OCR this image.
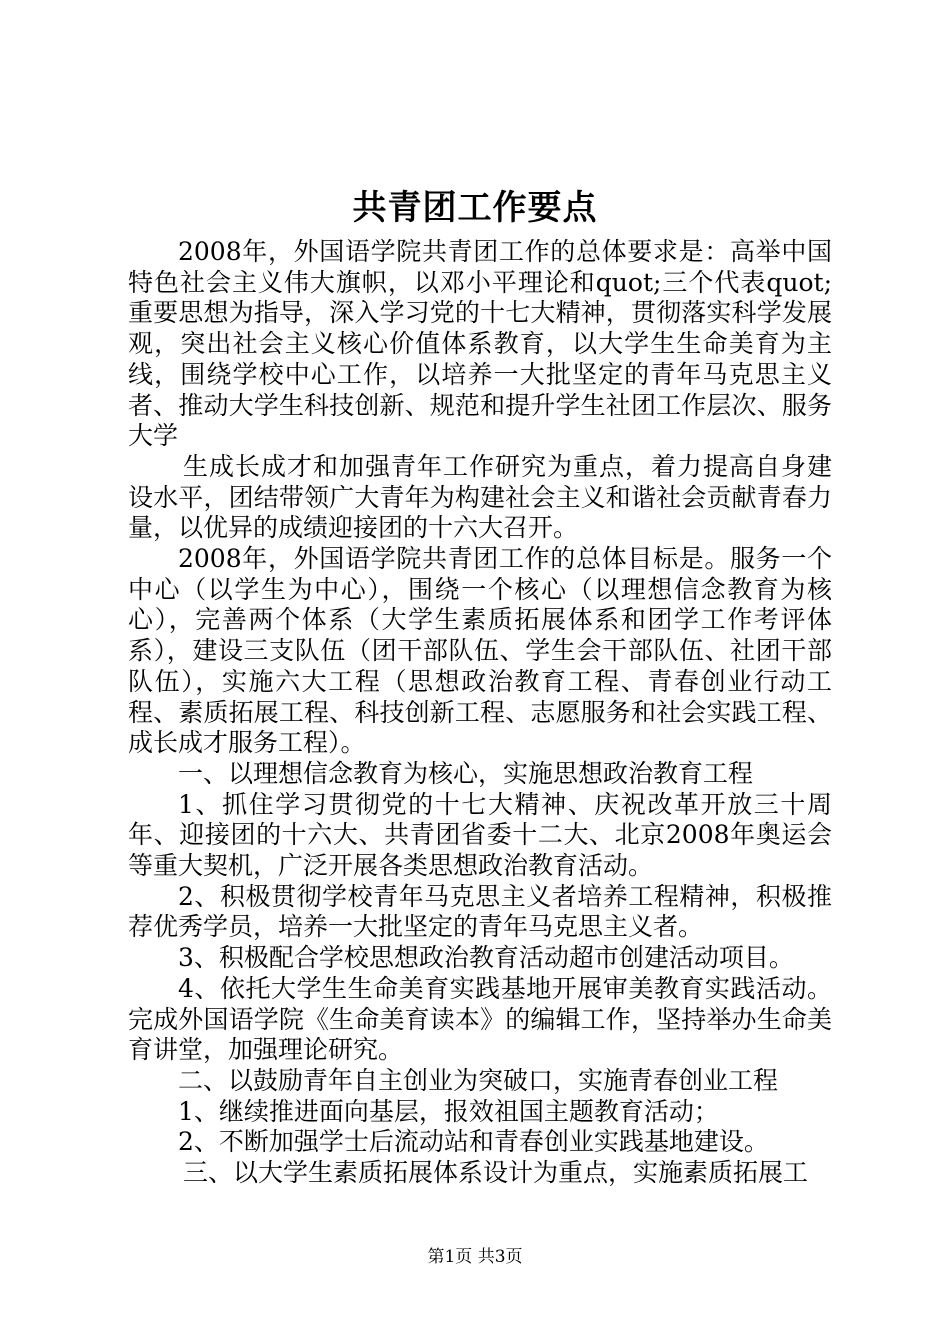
共青团工作要点

2008年，外国语学院共青团工作的总体要求是：高举中国特色社会主义伟大旗帜，以邓小平理论和quot;三个代表quot;重要思想为指导，深入学习党的十七大精神，贯彻落实科学发展观，突出社会主义核心价值体系教育，以大学生生命美育为主线，围绕学校中心工作，以培养一大批坚定的青年马克思主义者、推动大学生科技创新、规范和提升学生社团工作层次、服务大学

生成长成才和加强青年工作研究为重点，着力提高自身建设水平，团结带领广大青年为构建社会主义和谐社会贡献青春力量，以优异的成绩迎接团的十六大召开。

2008年，外国语学院共青团工作的总体目标是。服务一个中心（以学生为中心），围绕一个核心（以理想信念教育为核心），完善两个体系（大学生素质拓展体系和团学工作考评体系），建设三支队伍（团干部队伍、学生会干部队伍、社团干部队伍），实施六大工程（思想政治教育工程、青春创业行动工程、素质拓展工程、科技创新工程、志愿服务和社会实践工程、成长成才服务工程）。

一、以理想信念教育为核心，实施思想政治教育工程

1、抓住学习贯彻党的十七大精神、庆祝改革开放三十周年、迎接团的十六大、共青团省委十二大、北京2008年奥运会等重大契机，广泛开展各类思想政治教育活动。

2、积极贯彻学校青年马克思主义者培养工程精神，积极推荐优秀学员，培养一大批坚定的青年马克思主义者。

3、积极配合学校思想政治教育活动超市创建活动项目。

4、依托大学生生命美育实践基地开展审美教育实践活动。完成外国语学院《生命美育读本》的编辑工作，坚持举办生命美育讲堂，加强理论研究。

二、以鼓励青年自主创业为突破口，实施青春创业工程

1、继续推进面向基层，报效祖国主题教育活动；

2、不断加强学士后流动站和青春创业实践基地建设。

三、以大学生素质拓展体系设计为重点，实施素质拓展工

第1页 共3页
